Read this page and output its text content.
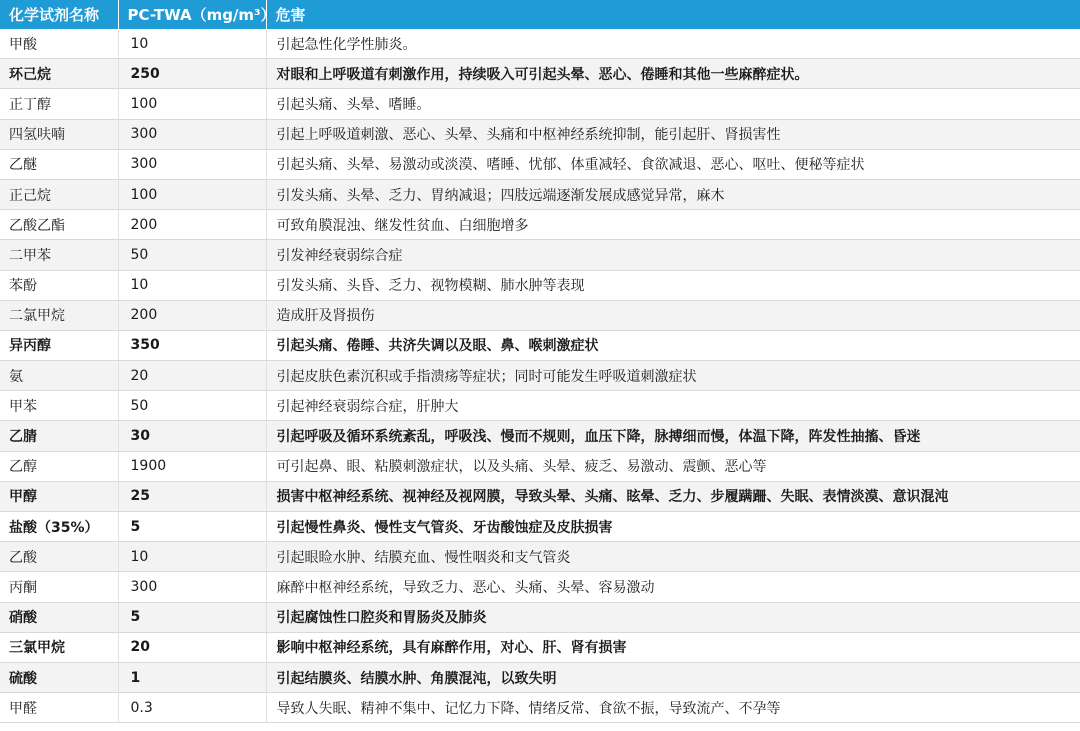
化学试剂名称	PC-TWA（mg/m³）	危害
甲酸	10	引起急性化学性肺炎。
环己烷	250	对眼和上呼吸道有刺激作用，持续吸入可引起头晕、恶心、倦睡和其他一些麻醉症状。
正丁醇	100	引起头痛、头晕、嗜睡。
四氢呋喃	300	引起上呼吸道刺激、恶心、头晕、头痛和中枢神经系统抑制，能引起肝、肾损害性
乙醚	300	引起头痛、头晕、易激动或淡漠、嗜睡、忧郁、体重减轻、食欲减退、恶心、呕吐、便秘等症状
正己烷	100	引发头痛、头晕、乏力、胃纳减退；四肢远端逐渐发展成感觉异常，麻木
乙酸乙酯	200	可致角膜混浊、继发性贫血、白细胞增多
二甲苯	50	引发神经衰弱综合症
苯酚	10	引发头痛、头昏、乏力、视物模糊、肺水肿等表现
二氯甲烷	200	造成肝及肾损伤
异丙醇	350	引起头痛、倦睡、共济失调以及眼、鼻、喉刺激症状
氨	20	引起皮肤色素沉积或手指溃疡等症状；同时可能发生呼吸道刺激症状
甲苯	50	引起神经衰弱综合症，肝肿大
乙腈	30	引起呼吸及循环系统紊乱，呼吸浅、慢而不规则，血压下降，脉搏细而慢，体温下降，阵发性抽搐、昏迷
乙醇	1900	可引起鼻、眼、粘膜刺激症状，以及头痛、头晕、疲乏、易激动、震颤、恶心等
甲醇	25	损害中枢神经系统、视神经及视网膜，导致头晕、头痛、眩晕、乏力、步履蹒跚、失眠、表情淡漠、意识混沌
盐酸（35%）	5	引起慢性鼻炎、慢性支气管炎、牙齿酸蚀症及皮肤损害
乙酸	10	引起眼睑水肿、结膜充血、慢性咽炎和支气管炎
丙酮	300	麻醉中枢神经系统，导致乏力、恶心、头痛、头晕、容易激动
硝酸	5	引起腐蚀性口腔炎和胃肠炎及肺炎
三氯甲烷	20	影响中枢神经系统，具有麻醉作用，对心、肝、肾有损害
硫酸	1	引起结膜炎、结膜水肿、角膜混沌，以致失明
甲醛	0.3	导致人失眠、精神不集中、记忆力下降、情绪反常、食欲不振，导致流产、不孕等
